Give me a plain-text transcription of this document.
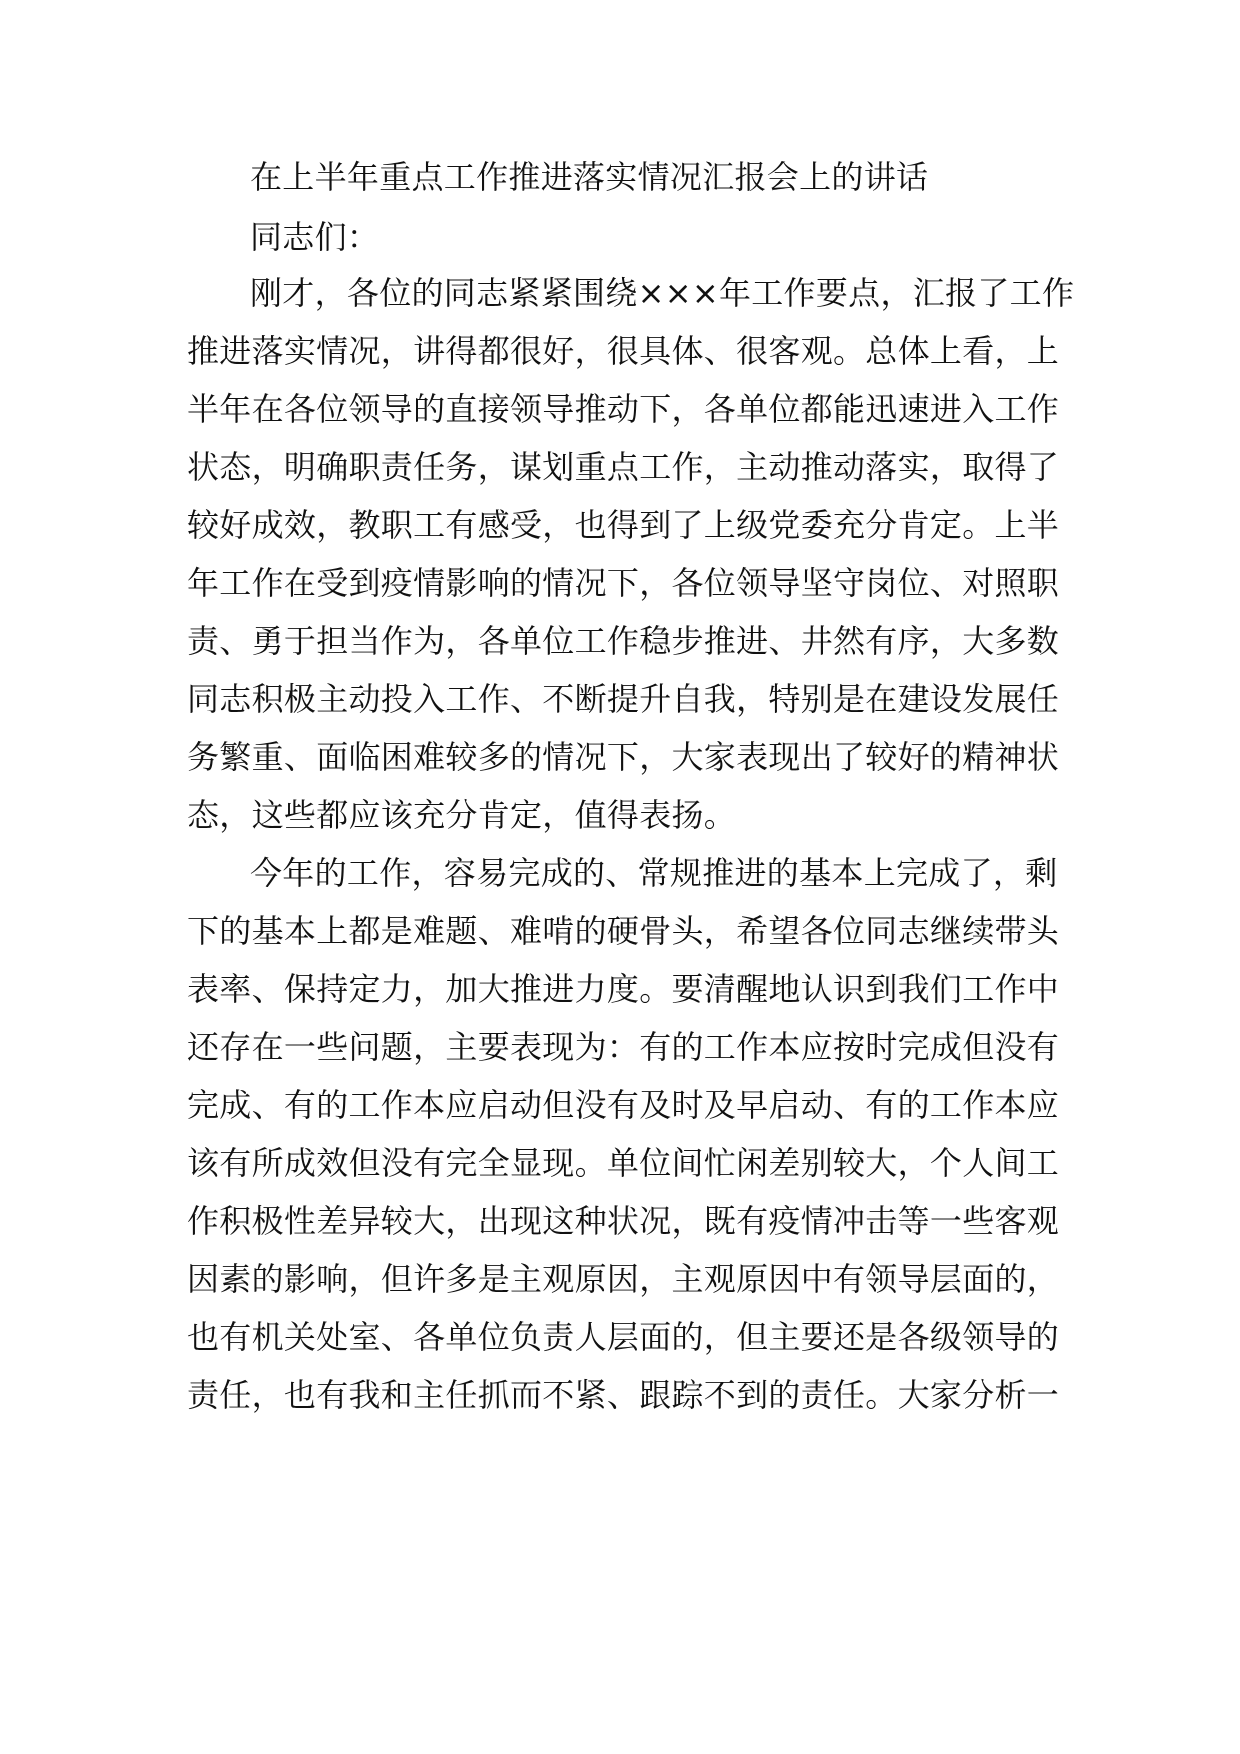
在上半年重点工作推进落实情况汇报会上的讲话
同志们：
刚才，各位的同志紧紧围绕×××年工作要点，汇报了工作
推进落实情况，讲得都很好，很具体、很客观。总体上看，上
半年在各位领导的直接领导推动下，各单位都能迅速进入工作
状态，明确职责任务，谋划重点工作，主动推动落实，取得了
较好成效，教职工有感受，也得到了上级党委充分肯定。上半
年工作在受到疫情影响的情况下，各位领导坚守岗位、对照职
责、勇于担当作为，各单位工作稳步推进、井然有序，大多数
同志积极主动投入工作、不断提升自我，特别是在建设发展任
务繁重、面临困难较多的情况下，大家表现出了较好的精神状
态，这些都应该充分肯定，值得表扬。
今年的工作，容易完成的、常规推进的基本上完成了，剩
下的基本上都是难题、难啃的硬骨头，希望各位同志继续带头
表率、保持定力，加大推进力度。要清醒地认识到我们工作中
还存在一些问题，主要表现为：有的工作本应按时完成但没有
完成、有的工作本应启动但没有及时及早启动、有的工作本应
该有所成效但没有完全显现。单位间忙闲差别较大，个人间工
作积极性差异较大，出现这种状况，既有疫情冲击等一些客观
因素的影响，但许多是主观原因，主观原因中有领导层面的，
也有机关处室、各单位负责人层面的，但主要还是各级领导的
责任，也有我和主任抓而不紧、跟踪不到的责任。大家分析一
